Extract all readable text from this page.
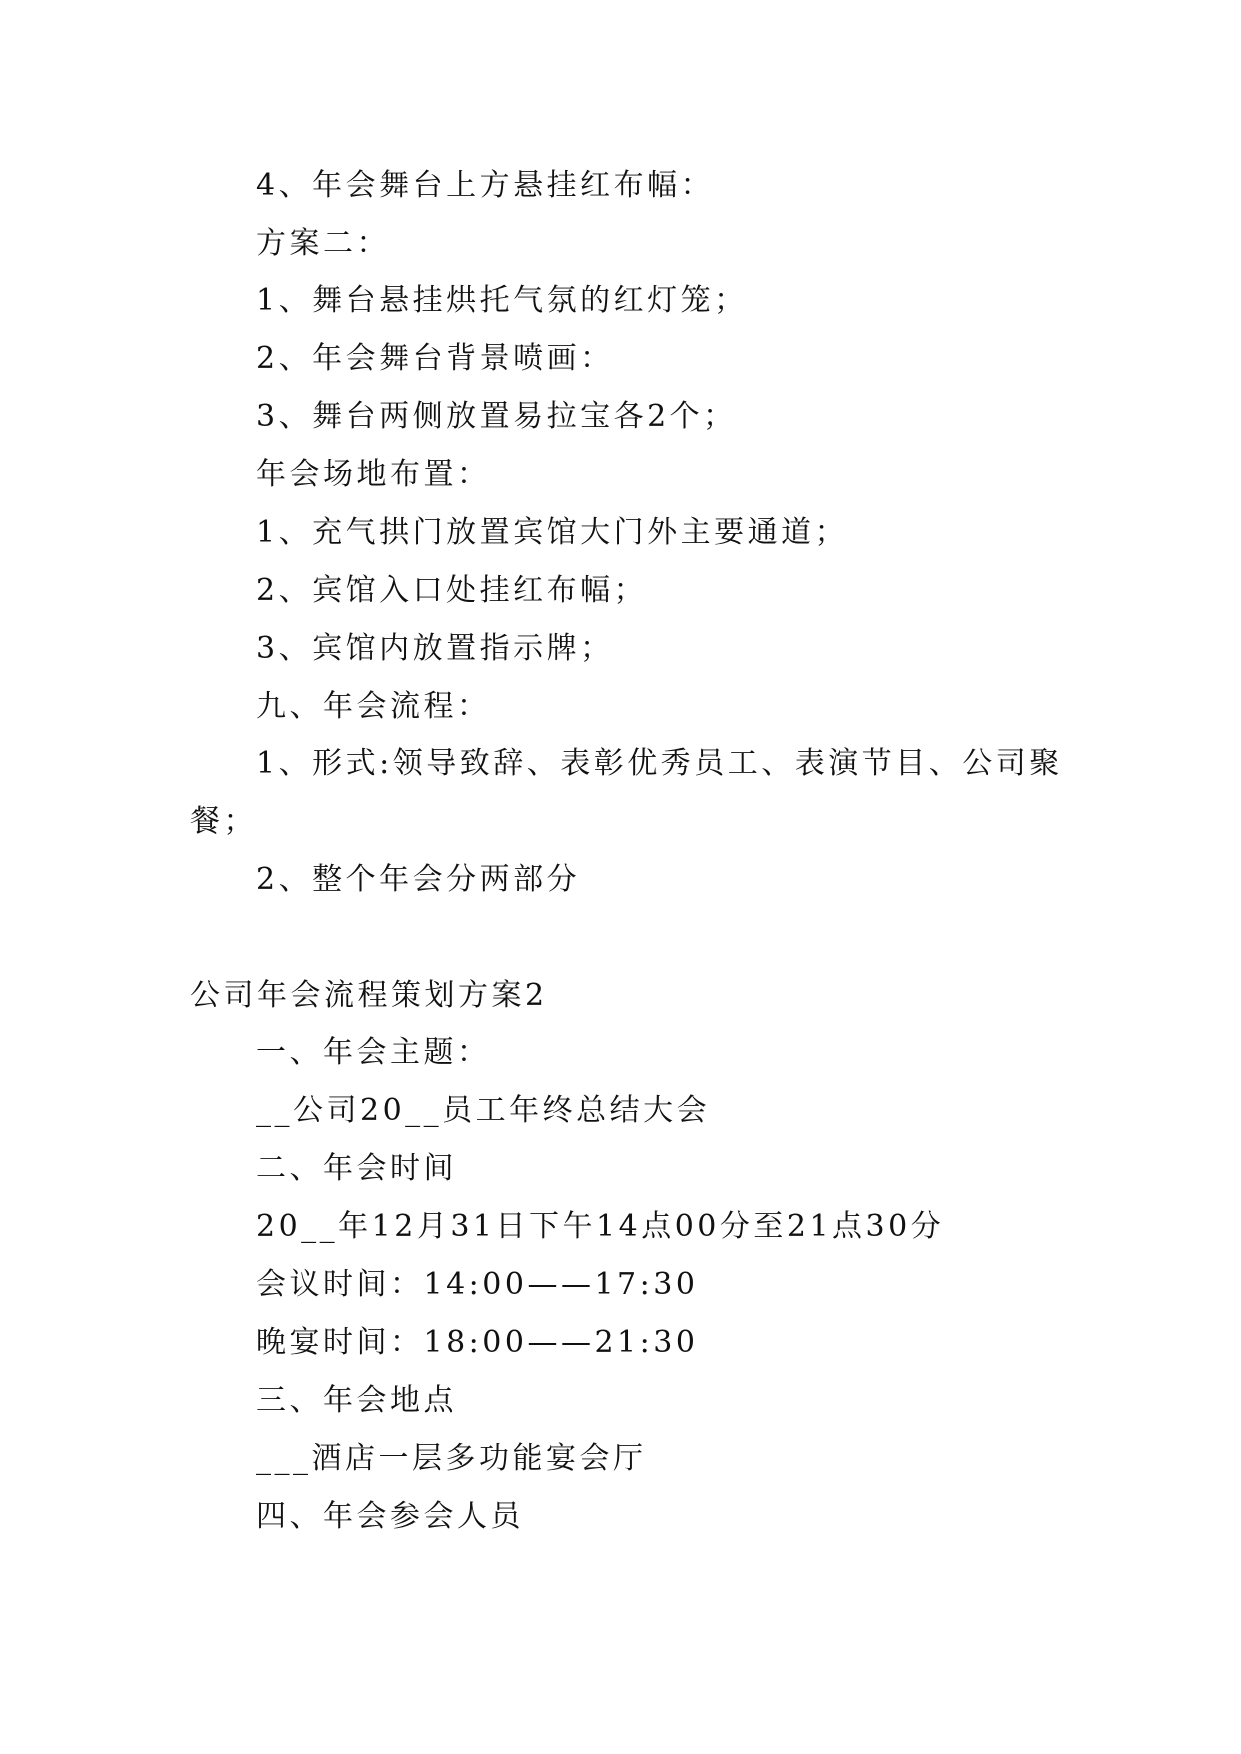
4、年会舞台上方悬挂红布幅：
方案二：
1、舞台悬挂烘托气氛的红灯笼；
2、年会舞台背景喷画：
3、舞台两侧放置易拉宝各2个；
年会场地布置：
1、充气拱门放置宾馆大门外主要通道；
2、宾馆入口处挂红布幅；
3、宾馆内放置指示牌；
九、年会流程：
1、形式:领导致辞、表彰优秀员工、表演节目、公司聚
餐；
2、整个年会分两部分
公司年会流程策划方案2
一、年会主题：
__公司20__员工年终总结大会
二、年会时间
20__年12月31日下午14点00分至21点30分
会议时间：14:00——17:30
晚宴时间：18:00——21:30
三、年会地点
___酒店一层多功能宴会厅
四、年会参会人员
